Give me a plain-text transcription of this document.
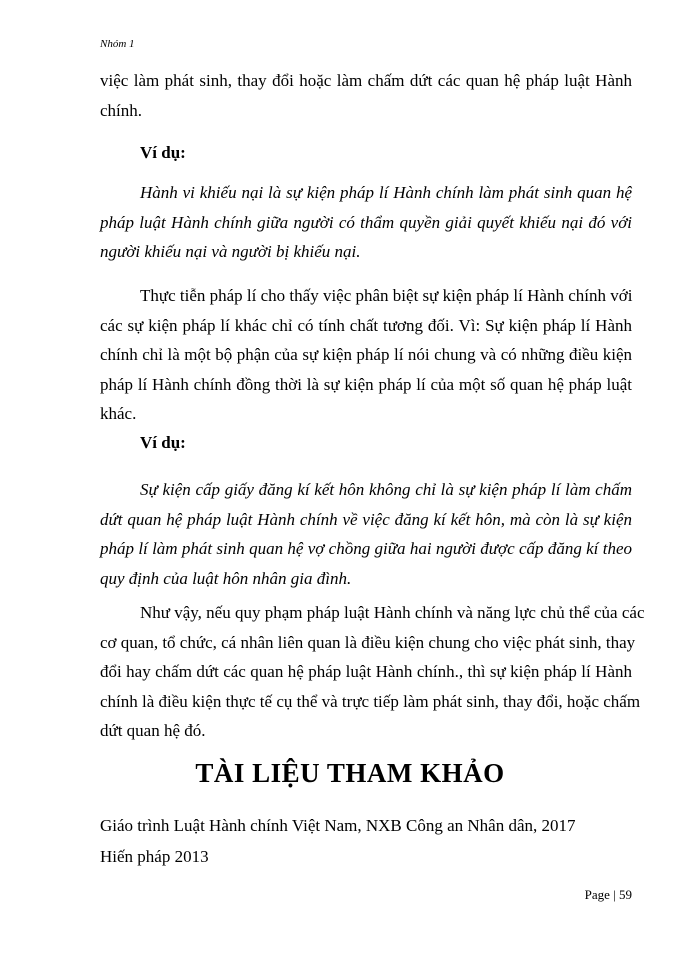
Nhóm 1
việc làm phát sinh, thay đổi hoặc làm chấm dứt các quan hệ pháp luật Hành
chính.
Ví dụ:
Hành vi khiếu nại là sự kiện pháp lí Hành chính làm phát sinh quan hệ
pháp luật Hành chính giữa người có thẩm quyền giải quyết khiếu nại đó với
người khiếu nại và người bị khiếu nại.
Thực tiễn pháp lí cho thấy việc phân biệt sự kiện pháp lí Hành chính với
các sự kiện pháp lí khác chỉ có tính chất tương đối. Vì: Sự kiện pháp lí Hành
chính chỉ là một bộ phận của sự kiện pháp lí nói chung và có những điều kiện
pháp lí Hành chính đồng thời là sự kiện pháp lí của một số quan hệ pháp luật
khác.
Ví dụ:
Sự kiện cấp giấy đăng kí kết hôn không chỉ là sự kiện pháp lí làm chấm
dứt quan hệ pháp luật Hành chính về việc đăng kí kết hôn, mà còn là sự kiện
pháp lí làm phát sinh quan hệ vợ chồng giữa hai người được cấp đăng kí theo
quy định của luật hôn nhân gia đình.
Như vậy, nếu quy phạm pháp luật Hành chính và năng lực chủ thể của các
cơ quan, tổ chức, cá nhân liên quan là điều kiện chung cho việc phát sinh, thay
đổi hay chấm dứt các quan hệ pháp luật Hành chính., thì sự kiện pháp lí Hành
chính là điều kiện thực tế cụ thể và trực tiếp làm phát sinh, thay đổi, hoặc chấm
dứt quan hệ đó.
TÀI LIỆU THAM KHẢO
Giáo trình Luật Hành chính Việt Nam, NXB Công an Nhân dân, 2017
Hiến pháp 2013
Page | 59
